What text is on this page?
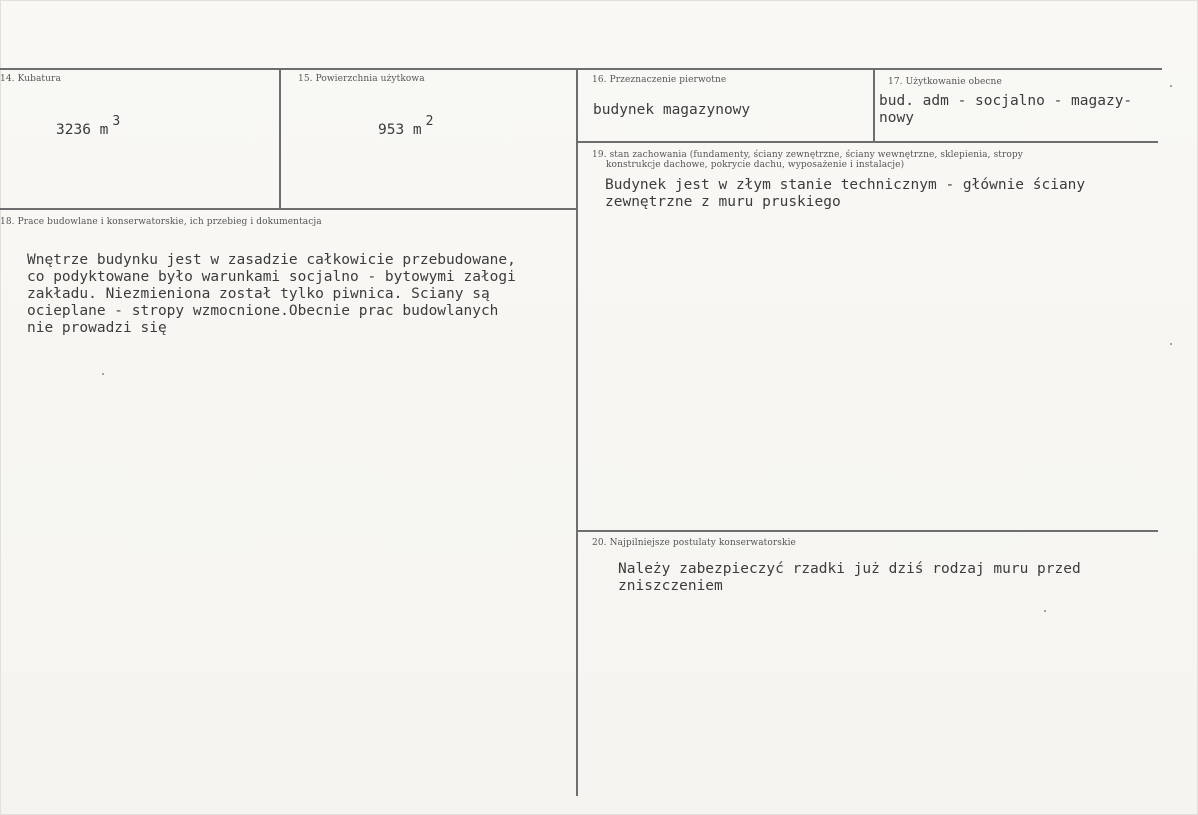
14. Kubatura
3236 m3
15. Powierzchnia użytkowa
953 m2
16. Przeznaczenie pierwotne
budynek magazynowy
17. Użytkowanie obecne
bud. adm - socjalno - magazy-
nowy
18. Prace budowlane i konserwatorskie, ich przebieg i dokumentacja
Wnętrze budynku jest w zasadzie całkowicie przebudowane,
co podyktowane było warunkami socjalno - bytowymi załogi
zakładu. Niezmieniona został tylko piwnica. Sciany są
ocieplane - stropy wzmocnione.Obecnie prac budowlanych
nie prowadzi się
19. stan zachowania (fundamenty, ściany zewnętrzne, ściany wewnętrzne, sklepienia, stropy
konstrukcje dachowe, pokrycie dachu, wyposażenie i instalacje)
Budynek jest w złym stanie technicznym - głównie ściany
zewnętrzne z muru pruskiego
20. Najpilniejsze postulaty konserwatorskie
Należy zabezpieczyć rzadki już dziś rodzaj muru przed
zniszczeniem
